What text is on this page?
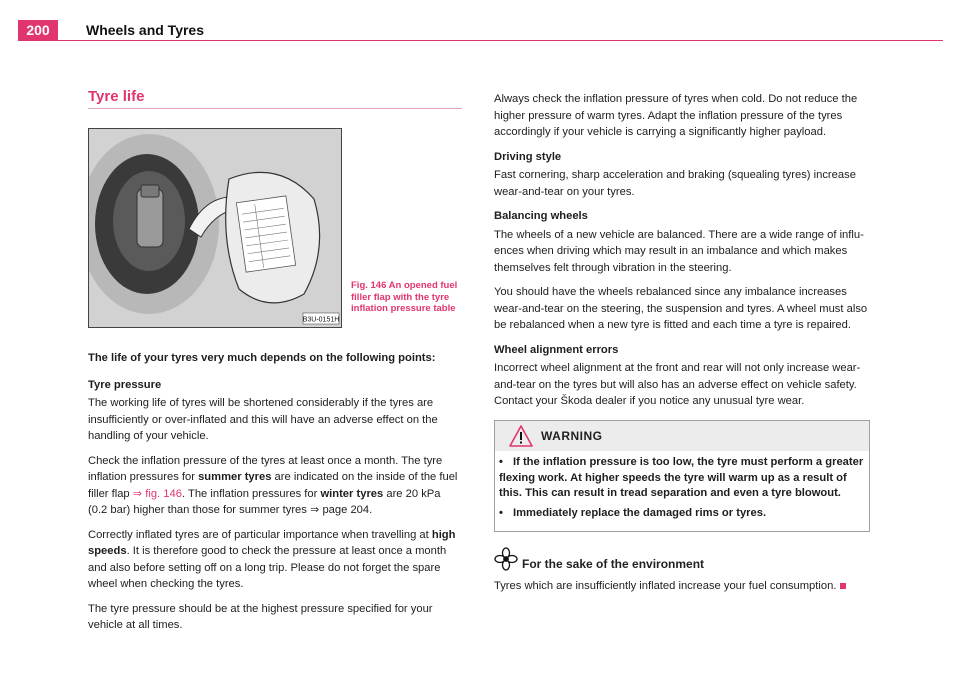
200	Wheels and Tyres
Tyre life
B3U-0151H
Fig. 146 An opened fuel filler flap with the tyre inflation pressure table

The life of your tyres very much depends on the following points:

Tyre pressure

The working life of tyres will be shortened considerably if the tyres are insufficiently or over-inflated and this will have an adverse effect on the handling of your vehicle.

Check the inflation pressure of the tyres at least once a month. The tyre inflation pressures for summer tyres are indicated on the inside of the fuel filler flap ⇒ fig. 146. The inflation pressures for winter tyres are 20 kPa (0.2 bar) higher than those for summer tyres ⇒ page 204.

Correctly inflated tyres are of particular importance when travelling at high speeds. It is therefore good to check the pressure at least once a month and also before setting off on a long trip. Please do not forget the spare wheel when checking the tyres.

The tyre pressure should be at the highest pressure specified for your vehicle at all times.

Always check the inflation pressure of tyres when cold. Do not reduce the higher pressure of warm tyres. Adapt the inflation pressure of the tyres accordingly if your vehicle is carrying a significantly higher payload.

Driving style

Fast cornering, sharp acceleration and braking (squealing tyres) increase wear-and-tear on your tyres.

Balancing wheels

The wheels of a new vehicle are balanced. There are a wide range of influ-ences when driving which may result in an imbalance and which makes themselves felt through vibration in the steering.

You should have the wheels rebalanced since any imbalance increases wear-and-tear on the steering, the suspension and tyres. A wheel must also be rebalanced when a new tyre is fitted and each time a tyre is repaired.

Wheel alignment errors

Incorrect wheel alignment at the front and rear will not only increase wear-and-tear on the tyres but will also has an adverse effect on vehicle safety. Contact your Škoda dealer if you notice any unusual tyre wear.

WARNING
• If the inflation pressure is too low, the tyre must perform a greater flexing work. At higher speeds the tyre will warm up as a result of this. This can result in tread separation and even a tyre blowout.
• Immediately replace the damaged rims or tyres.
For the sake of the environment
Tyres which are insufficiently inflated increase your fuel consumption.
